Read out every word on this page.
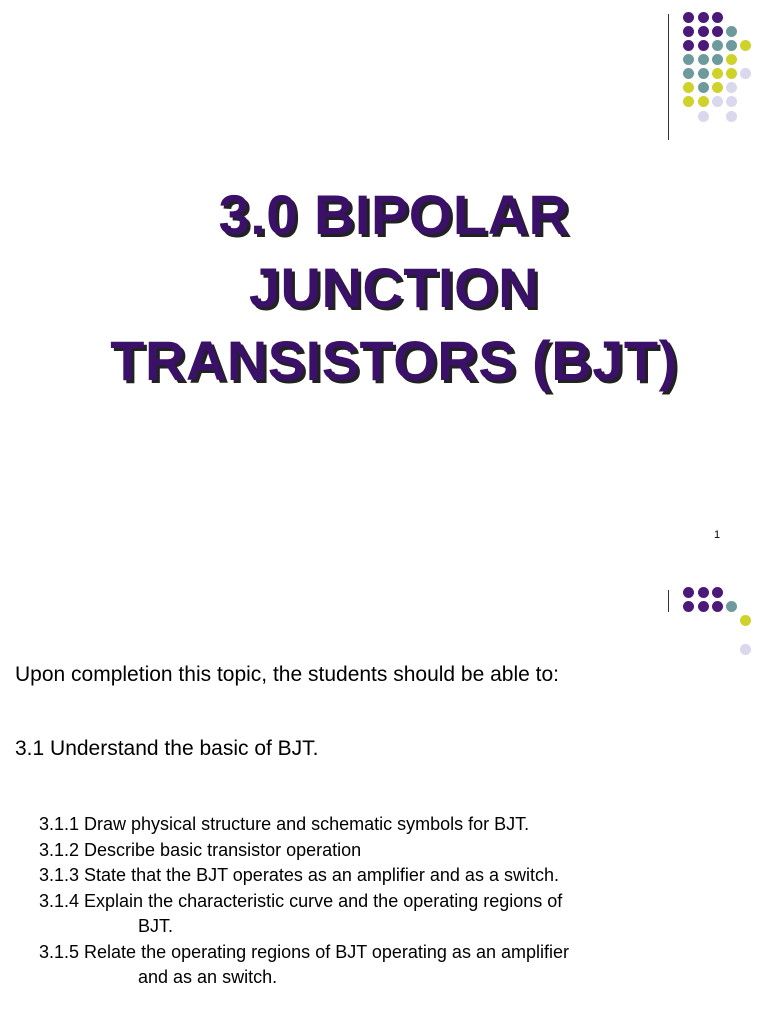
3.0 BIPOLAR
JUNCTION
TRANSISTORS (BJT)
1
Upon completion this topic, the students should be able to:
3.1 Understand the basic of BJT.
3.1.1 Draw physical structure and schematic symbols for BJT.
3.1.2 Describe basic transistor operation
3.1.3 State that the BJT operates as an amplifier and as a switch.
3.1.4 Explain the characteristic curve and the operating regions of
BJT.
3.1.5 Relate the operating regions of BJT operating as an amplifier
and as an switch.
